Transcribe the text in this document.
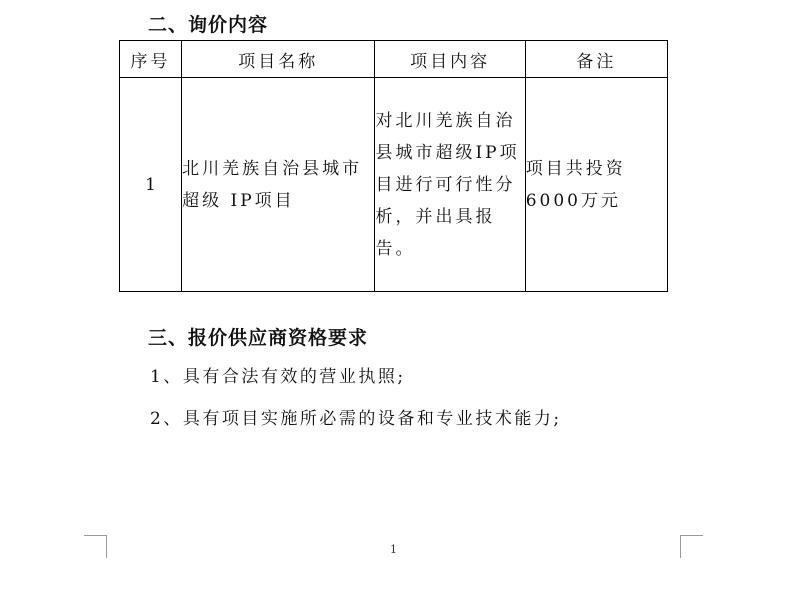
二、询价内容
序号	项目名称	项目内容	备注
1	北川羌族自治县城市超级 IP项目	对北川羌族自治县城市超级IP项目进行可行性分析，并出具报告。	项目共投资6000万元
三、报价供应商资格要求
1、具有合法有效的营业执照;
2、具有项目实施所必需的设备和专业技术能力;
1
